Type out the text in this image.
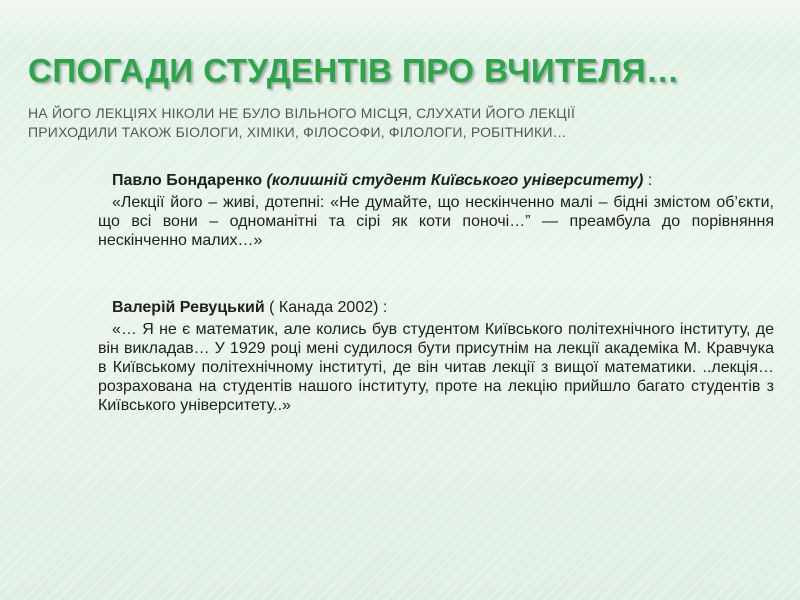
СПОГАДИ СТУДЕНТІВ ПРО ВЧИТЕЛЯ…
НА ЙОГО ЛЕКЦІЯХ НІКОЛИ НЕ БУЛО ВІЛЬНОГО МІСЦЯ, СЛУХАТИ ЙОГО ЛЕКЦІЇ
ПРИХОДИЛИ ТАКОЖ БІОЛОГИ, ХІМІКИ, ФІЛОСОФИ, ФІЛОЛОГИ, РОБІТНИКИ…

Павло Бондаренко (колишній студент Київського університету) :

«Лекції його – живі, дотепні: «Не думайте, що нескінченно малі – бідні змістом об’єкти, що всі вони – одноманітні та сірі як коти поночі…” — преамбула до порівняння нескінченно малих…»

Валерій Ревуцький ( Канада 2002) :

«… Я не є математик, але колись був студентом Київського політехнічного інституту, де він викладав… У 1929 році мені судилося бути присутнім на лекції академіка М. Кравчука в Київському політехнічному інституті, де він читав лекції з вищої математики. ..лекція… розрахована на студентів нашого інституту, проте на лекцію прийшло багато студентів з Київського університету..»
